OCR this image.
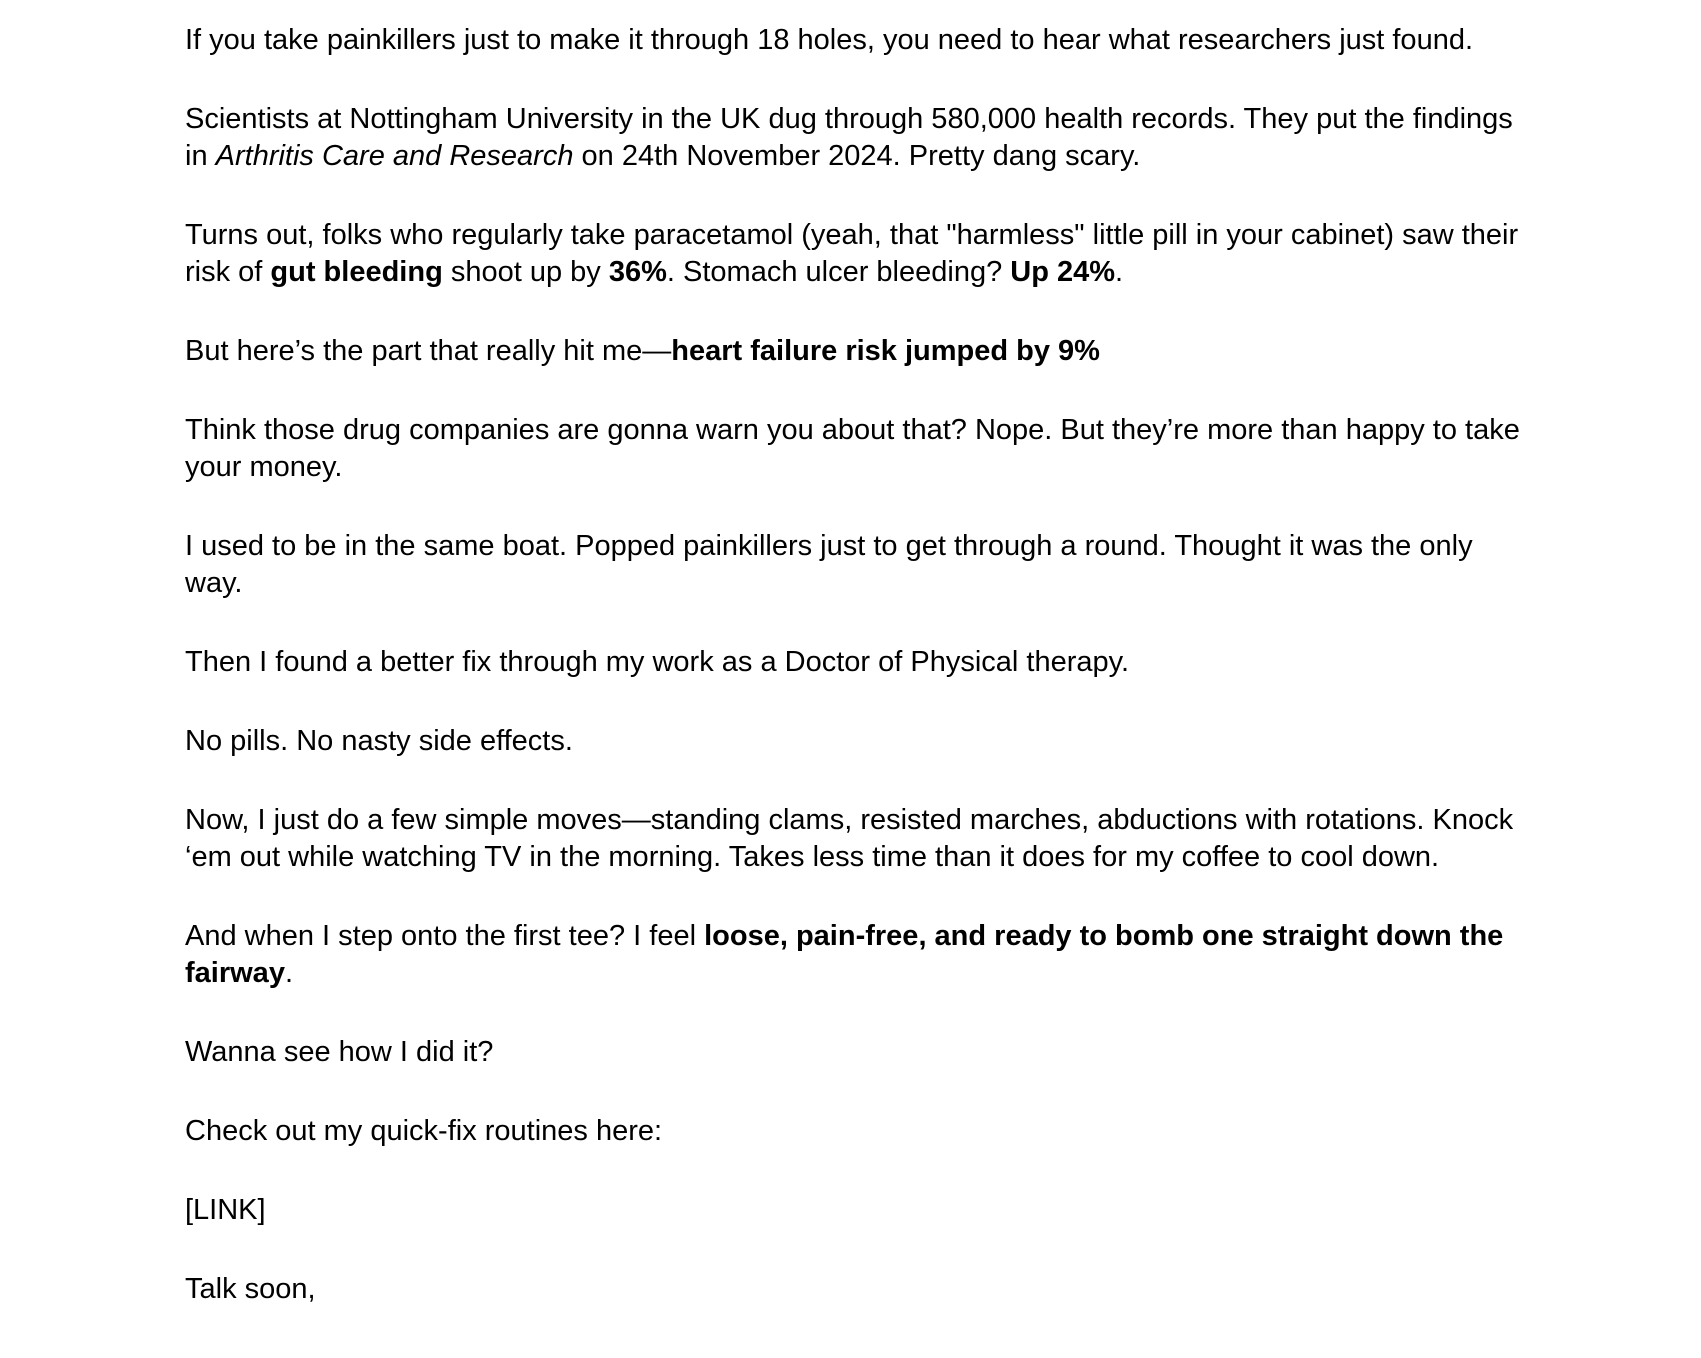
If you take painkillers just to make it through 18 holes, you need to hear what researchers just found.

Scientists at Nottingham University in the UK dug through 580,000 health records. They put the findings in Arthritis Care and Research on 24th November 2024. Pretty dang scary.

Turns out, folks who regularly take paracetamol (yeah, that "harmless" little pill in your cabinet) saw their risk of gut bleeding shoot up by 36%. Stomach ulcer bleeding? Up 24%.

But here’s the part that really hit me—heart failure risk jumped by 9%

Think those drug companies are gonna warn you about that? Nope. But they’re more than happy to take your money.

I used to be in the same boat. Popped painkillers just to get through a round. Thought it was the only way.

Then I found a better fix through my work as a Doctor of Physical therapy.

No pills. No nasty side effects.

Now, I just do a few simple moves—standing clams, resisted marches, abductions with rotations. Knock ‘em out while watching TV in the morning. Takes less time than it does for my coffee to cool down.

And when I step onto the first tee? I feel loose, pain-free, and ready to bomb one straight down the fairway.

Wanna see how I did it?

Check out my quick-fix routines here:

[LINK]

Talk soon,
